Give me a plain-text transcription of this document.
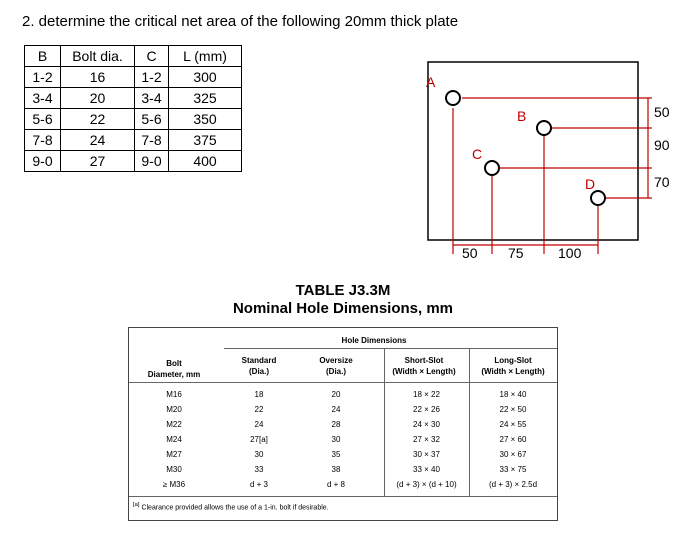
2. determine the critical net area of the following 20mm thick plate
B	Bolt dia.	C	L (mm)
1-2	16	1-2	300
3-4	20	3-4	325
5-6	22	5-6	350
7-8	24	7-8	375
9-0	27	9-0	400
A
B
C
D
50
90
70
50 75 100
TABLE J3.3M
Nominal Hole Dimensions, mm
Hole Dimensions
Bolt
Diameter, mm
Standard
(Dia.)
Oversize
(Dia.)
Short-Slot
(Width × Length)
Long-Slot
(Width × Length)
M16	18	20	18 × 22	18 × 40
M20	22	24	22 × 26	22 × 50
M22	24	28	24 × 30	24 × 55
M24	27[a]	30	27 × 32	27 × 60
M27	30	35	30 × 37	30 × 67
M30	33	38	33 × 40	33 × 75
≥ M36	d + 3	d + 8	(d + 3) × (d + 10)	(d + 3) × 2.5d
[a] Clearance provided allows the use of a 1-in. bolt if desirable.
